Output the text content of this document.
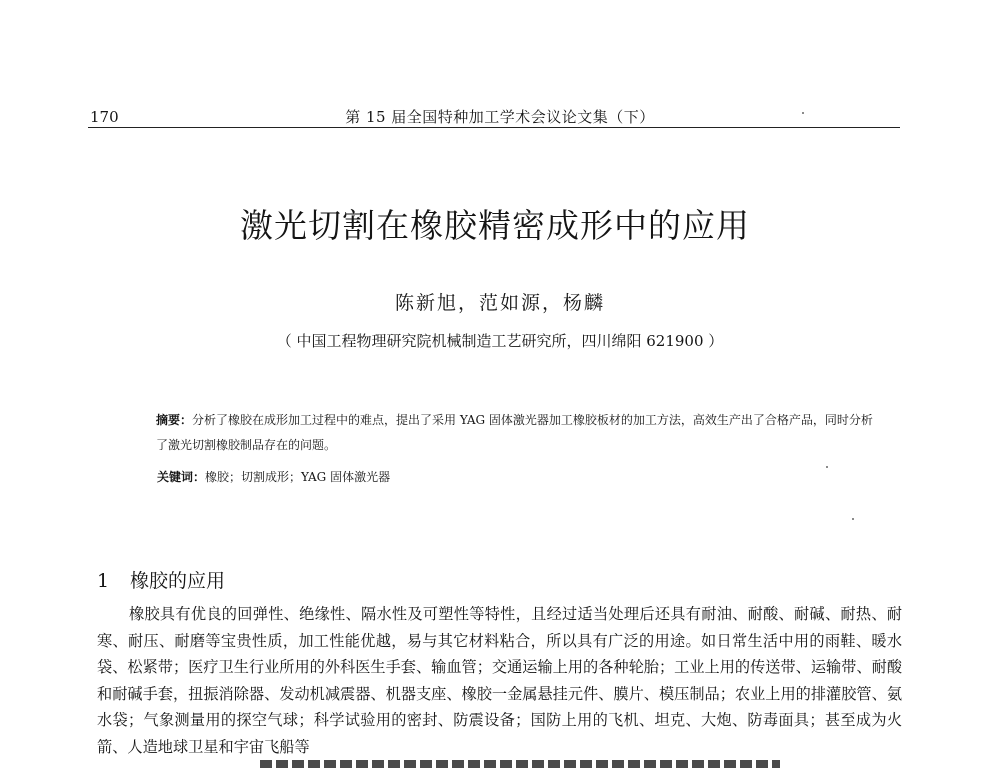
170	第 15 届全国特种加工学术会议论文集（下）
激光切割在橡胶精密成形中的应用
陈新旭，范如源，杨麟
（ 中国工程物理研究院机械制造工艺研究所，四川绵阳 621900 ）
摘要：分析了橡胶在成形加工过程中的难点，提出了采用 YAG 固体激光器加工橡胶板材的加工方法，高效生产出了合格产品，同时分析了激光切割橡胶制品存在的问题。
关键词：橡胶；切割成形；YAG 固体激光器
1 橡胶的应用

橡胶具有优良的回弹性、绝缘性、隔水性及可塑性等特性，且经过适当处理后还具有耐油、耐酸、耐碱、耐热、耐寒、耐压、耐磨等宝贵性质，加工性能优越，易与其它材料粘合，所以具有广泛的用途。如日常生活中用的雨鞋、暖水袋、松紧带；医疗卫生行业所用的外科医生手套、输血管；交通运输上用的各种轮胎；工业上用的传送带、运输带、耐酸和耐碱手套，扭振消除器、发动机减震器、机器支座、橡胶一金属悬挂元件、膜片、模压制品；农业上用的排灌胶管、氨水袋；气象测量用的探空气球；科学试验用的密封、防震设备；国防上用的飞机、坦克、大炮、防毒面具；甚至成为火箭、人造地球卫星和宇宙飞船等
